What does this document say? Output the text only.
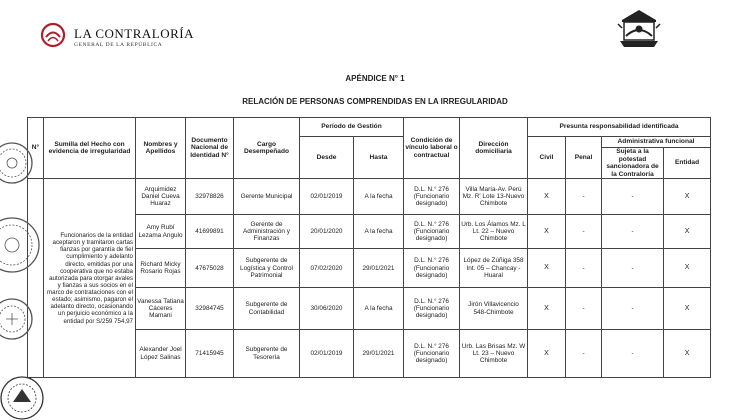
LA CONTRALORÍA
GENERAL DE LA REPÚBLICA
APÉNDICE N° 1
RELACIÓN DE PERSONAS COMPRENDIDAS EN LA IRREGULARIDAD
N°	Sumilla del Hecho con evidencia de irregularidad	Nombres y Apellidos	Documento Nacional de Identidad N°	Cargo Desempeñado	Período de Gestión		Condición de vínculo laboral o contractual	Dirección domiciliaria	Presunta responsabilidad identificada			
					Desde	Hasta			Civil	Penal	Administrativa funcional	
											Sujeta a la potestad sancionadora de la Contraloría	Entidad
	Funcionarios de la entidad aceptaron y tramitaron cartas fianzas por garantía de fiel cumplimiento y adelanto directo, emitidas por una cooperativa que no estaba autorizada para otorgar avales y fianzas a sus socios en el marco de contrataciones con el estado; asimismo, pagaron el adelanto directo, ocasionando un perjuicio económico a la entidad por S/259 754,97	Arquimidez Daniel Cueva Huaraz	32978826	Gerente Municipal	02/01/2019	A la fecha	D.L. N.° 276 (Funcionario designado)	Villa María-Av. Perú Mz. R' Lote 13-Nuevo Chimbote	X	-	-	X
		Amy Rubí Lezama Angulo	41699891	Gerente de Administración y Finanzas	20/01/2020	A la fecha	D.L. N.° 276 (Funcionario designado)	Urb. Los Álamos Mz. L Lt. 22 – Nuevo Chimbote	X	-	-	X
		Richard Micky Rosario Rojas	47675028	Subgerente de Logística y Control Patrimonial	07/02/2020	29/01/2021	D.L. N.° 276 (Funcionario designado)	López de Zúñiga 358 Int. 05 – Chancay - Huaral	X	-	-	X
		Vanessa Tatiana Cáceres Mamani	32984745	Subgerente de Contabilidad	30/06/2020	A la fecha	D.L. N.° 276 (Funcionario designado)	Jirón Villavicencio 548-Chimbote	X	-	-	X
		Alexander Joel López Salinas	71415945	Subgerente de Tesorería	02/01/2019	29/01/2021	D.L. N.° 276 (Funcionario designado)	Urb. Las Brisas Mz. W Lt. 23 – Nuevo Chimbote	X	-	-	X
